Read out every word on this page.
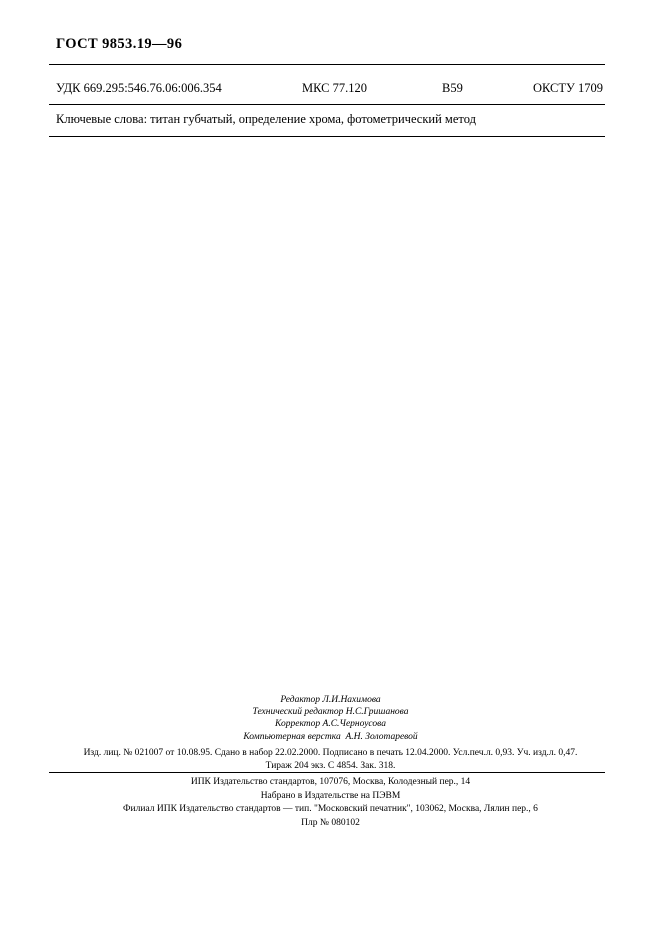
ГОСТ 9853.19—96
УДК 669.295:546.76.06:006.354	МКС 77.120	В59	ОКСТУ 1709
Ключевые слова: титан губчатый, определение хрома, фотометрический метод
Редактор Л.И.Нахимова
Технический редактор Н.С.Гришанова
Корректор А.С.Черноусова
Компьютерная верстка  А.Н. Золотаревой
Изд. лиц. № 021007 от 10.08.95. Сдано в набор 22.02.2000. Подписано в печать 12.04.2000. Усл.печ.л. 0,93. Уч. изд.л. 0,47.
Тираж 204 экз. С 4854. Зак. 318.
ИПК Издательство стандартов, 107076, Москва, Колодезный пер., 14
Набрано в Издательстве на ПЭВМ
Филиал ИПК Издательство стандартов — тип. "Московский печатник", 103062, Москва, Лялин пер., 6
Плр № 080102
